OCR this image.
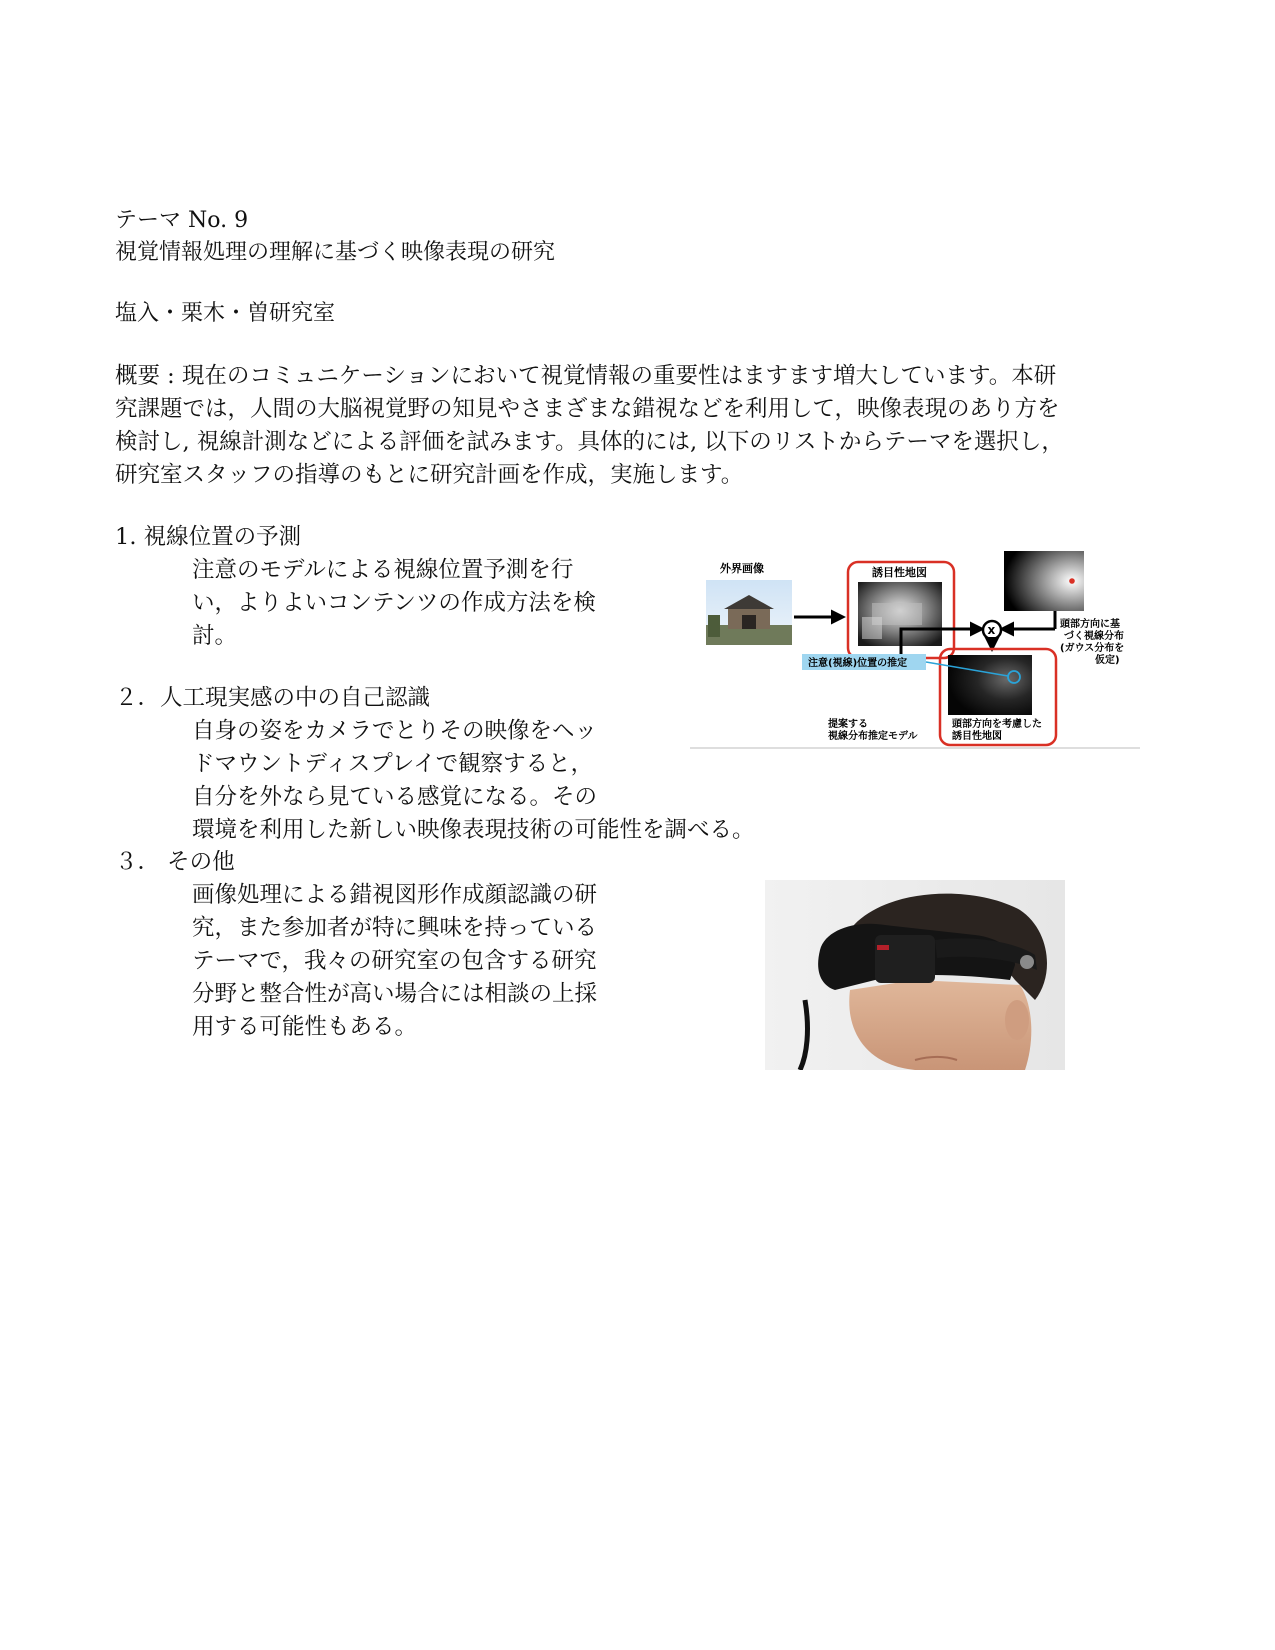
テーマ No. 9
視覚情報処理の理解に基づく映像表現の研究
塩入・栗木・曽研究室
概要 : 現在のコミュニケーションにおいて視覚情報の重要性はますます増大しています。本研
究課題では，人間の大脳視覚野の知見やさまざまな錯視などを利用して，映像表現のあり方を
検討し, 視線計測などによる評価を試みます。具体的には, 以下のリストからテーマを選択し，
研究室スタッフの指導のもとに研究計画を作成，実施します。
1. 視線位置の予測
注意のモデルによる視線位置予測を行
い，よりよいコンテンツの作成方法を検
討。
２．人工現実感の中の自己認識
自身の姿をカメラでとりその映像をヘッ
ドマウントディスプレイで観察すると，
自分を外なら見ている感覚になる。その
環境を利用した新しい映像表現技術の可能性を調べる。
３． その他
画像処理による錯視図形作成顔認識の研
究，また参加者が特に興味を持っている
テーマで，我々の研究室の包含する研究
分野と整合性が高い場合には相談の上採
用する可能性もある。
外界画像	誘目性地図
頭部方向に基
づく視線分布
(ガウス分布を
仮定)
x
注意(視線)位置の推定
頭部方向を考慮した
誘目性地図
提案する
視線分布推定モデル
